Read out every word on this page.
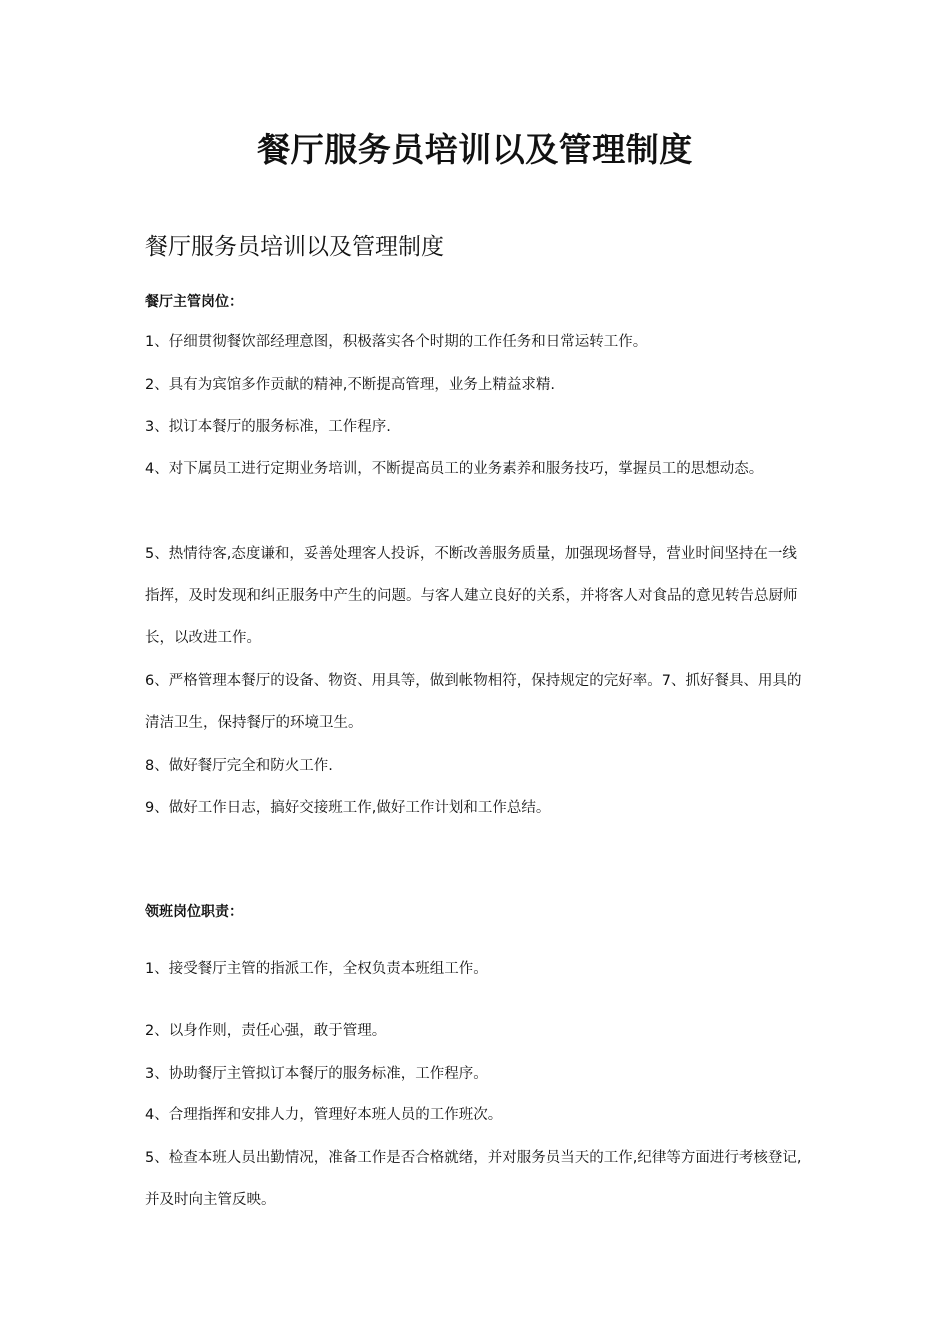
餐厅服务员培训以及管理制度
餐厅服务员培训以及管理制度
餐厅主管岗位：

1、仔细贯彻餐饮部经理意图，积极落实各个时期的工作任务和日常运转工作。

2、具有为宾馆多作贡献的精神,不断提高管理，业务上精益求精.

3、拟订本餐厅的服务标准，工作程序.

4、对下属员工进行定期业务培训，不断提高员工的业务素养和服务技巧，掌握员工的思想动态。

5、热情待客,态度谦和，妥善处理客人投诉，不断改善服务质量，加强现场督导，营业时间坚持在一线指挥，及时发现和纠正服务中产生的问题。与客人建立良好的关系，并将客人对食品的意见转告总厨师长，以改进工作。

6、严格管理本餐厅的设备、物资、用具等，做到帐物相符，保持规定的完好率。7、抓好餐具、用具的清洁卫生，保持餐厅的环境卫生。

8、做好餐厅完全和防火工作.

9、做好工作日志，搞好交接班工作,做好工作计划和工作总结。

领班岗位职责：

1、接受餐厅主管的指派工作，全权负责本班组工作。

2、以身作则，责任心强，敢于管理。

3、协助餐厅主管拟订本餐厅的服务标准，工作程序。

4、合理指挥和安排人力，管理好本班人员的工作班次。

5、检查本班人员出勤情况，准备工作是否合格就绪，并对服务员当天的工作,纪律等方面进行考核登记,并及时向主管反映。
